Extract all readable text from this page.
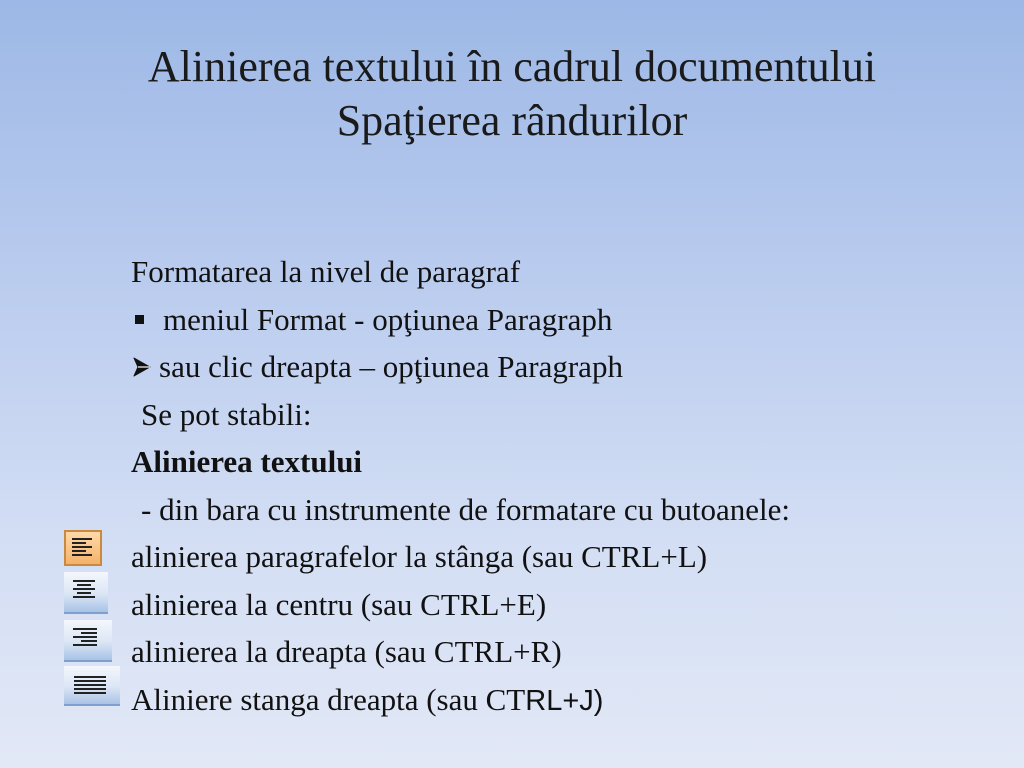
Alinierea textului în cadrul documentului
Spaţierea rândurilor
Formatarea la nivel de paragraf
meniul Format - opţiunea Paragraph
sau clic dreapta – opţiunea Paragraph
Se pot stabili:
Alinierea textului
- din bara cu instrumente de formatare cu butoanele:
alinierea paragrafelor la stânga (sau CTRL+L)
alinierea la centru (sau CTRL+E)
alinierea la dreapta (sau CTRL+R)
Aliniere stanga dreapta (sau CTRL+J)
